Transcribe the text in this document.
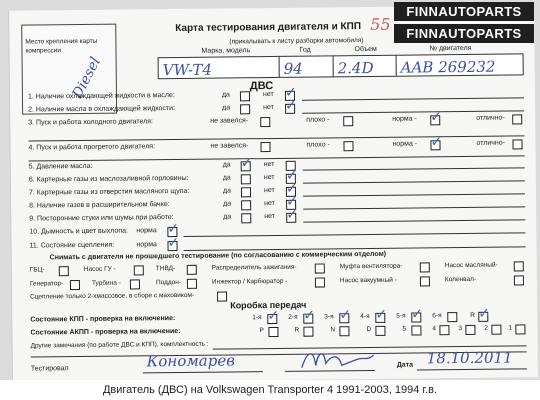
Место крепления карты компрессии
Diesel
Карта тестирования двигателя и КПП 55
(прикалывать к листу разборки автомобиля)
Марка, модель	Год	Объем	№ двигателя
VW-T4	94 2.4D AAB 269232
ДВС
1. Наличие охлаждающей жидкости в масле:	да	нет ✓
2. Наличие масла в охлаждающей жидкости:	да	нет ✓
3. Пуск и работа холодного двигателя:	не завелся-	плохо -	норма - ✓	отлично-
4. Пуск и работа прогретого двигателя:	не завелся-	плохо -	норма - ✓	отлично-
5. Давление масла:	да ✓ нет
6. Картерные газы из маслозаливной горловины:	да	нет ✓
7. Картерные газы из отверстия масляного щупа:	да	нет ✓
8. Наличие газов в расширительном бачке:	да	нет ✓
9. Посторонние стуки или шумы при работе:	да	нет ✓
10. Дымность и цвет выхлопа: норма ✓
11. Состояние сцепления:	норма ✓
Снимать с двигателя не прошедшего тестирование (по согласованию с коммерческим отделом)
ГБЦ-	Насос ГУ -	ТНВД-	Распределитель зажигания-	Муфта вентилятора-	Насос масляный-
Генератор-	Турбина -	Поддон-	Инжектор / Карбюратор -	Насос вакуумный -	Коленвал-
Сцепление только 2-хмассовое, в сборе с маховиком-
Коробка передач
Состояние КПП - проверка на включение:	1-я ✓ 2-я ✓ 3-я ✓ 4-я ✓ 5-я ✓ 6-я	R ✓
Состояние АКПП - проверка на включение:	P	R	N	D	5	4	3	2	1
Другие замечания (по работе ДВС и КПП), комплектность :
Тестировал	Кономарев	Дата 18.10.2011
FINNAUTOPARTS
FINNAUTOPARTS
Двигатель (ДВС) на Volkswagen Transporter 4 1991-2003, 1994 г.в.
